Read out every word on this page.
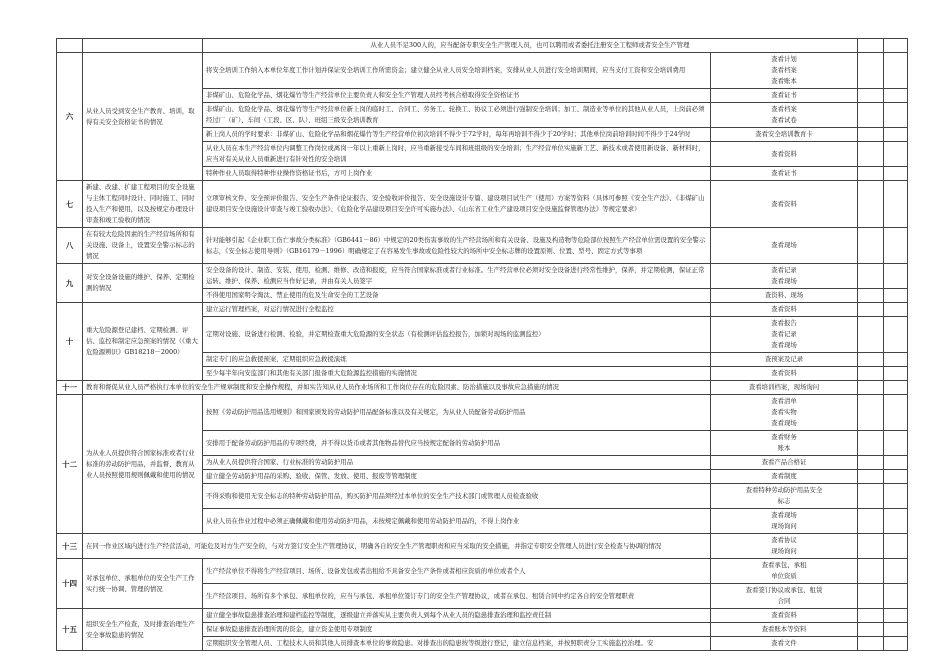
		从业人员不足300人的，应当配备专职安全生产管理人员，也可以聘用或者委托注册安全工程师或者安全生产管理			
六	从业人员受到安全生产教育、培训，取得有关安全资格证书的情况	将安全培训工作纳入本单位年度工作计划并保证安全培训工作所需资金；建立健全从业人员安全培训档案，安排从业人员进行安全培训期间，应当支付工资和安全培训费用	查看计划
查看档案
查看账本		
		非煤矿山、危险化学品、烟花爆竹等生产经营单位主要负责人和安全生产管理人员经考核合格取得安全资格证书	查看证书		
		非煤矿山、危险化学品、烟花爆竹等生产经营单位新上岗的临时工、合同工、劳务工、轮换工、协议工必须进行强制安全培训；加工、制造业等单位的其他从业人员，上岗前必须经过厂（矿）、车间（工段、区、队）、班组三级安全培训教育	查看档案
查看试卷		
		新上岗人员的学时要求：非煤矿山、危险化学品和烟花爆竹等生产经营单位初次培训不得少于72学时，每年再培训不得少于20学时；其他单位岗前培训时间不得少于24学时	查看安全培训教育卡		
		从业人员在本生产经营单位内调整工作岗位或离岗一年以上重新上岗时，应当重新接受车间和班组级的安全培训；生产经营单位实施新工艺、新技术或者使用新设备、新材料时，应当对有关从业人员重新进行有针对性的安全培训	查看资料		
		特种作业人员取得特种作业操作资格证书后，方可上岗作业	查看证书		
七	新建、改建、扩建工程项目的安全设施与主体工程同时设计、同时施工、同时投入生产和使用，以及按规定办理设计审查和竣工验收的情况	立项审核文件、安全预评价报告、安全生产条件论证报告、安全验收评价报告、安全设施设计专篇、建设项目试生产（使用）方案等资料（具体可参照《安全生产法》、《非煤矿山建设项目安全设施设计审查与竣工验收办法》、《危险化学品建设项目安全许可实施办法》、《山东省工业生产建设项目安全设施监督管理办法》等规定要求）	查看资料		
八	在有较大危险因素的生产经营场所和有关设施、设备上，设置安全警示标志的情况	针对能够引起《企业职工伤亡事故分类标准》（GB6441－86）中规定的20类伤害事故的生产经营场所和有关设备、设施及构造物等危险部位按照生产经营单位需设置的安全警示标志，《安全标志使用导则》（GB16179－1996）明确规定了在容易发生事故或危险性较大的场所中安全标志牌的设置原则、位置、型号、固定方式等事项	查看现场		
九	对安全设备设施的维护、保养、定期检测的情况	安全设备的设计、制造、安装、使用、检测、维修、改造和报废，应当符合国家标准或者行业标准。生产经营单位必须对安全设备进行经常性维护，保养，并定期检测，保证正常运转。维护、保养、检测应当作好记录，并由有关人员签字	查看记录
查看现场		
		不得使用国家明令淘汰、禁止使用的危及生命安全的工艺设备	查资料、现场		
十	重大危险源登记建档、定期检测、评估、监控和制定应急预案的情况（《重大危险源辨识》GB18218－2000）	建立运行管理档案，对运行情况进行全程监控	查看资料		
		定期对设施、设备进行检测、检验，并定期检查重大危险源的安全状态（有检测评估监控报告，加锁对现场的监测监控）	查看报告
查看记录
查看现场		
		制定专门的应急救援预案，定期组织应急救援演练	查预案及记录		
		至少每半年向安监部门和其他有关部门报备重大危险源监控措施的实施情况	查看资料		
十一	教育和督促从业人员严格执行本单位的安全生产规章制度和安全操作规程，并如实告知从业人员作业场所和工作岗位存在的危险因素、防治措施以及事故应急措施的情况		查看培训档案，现场询问		
十二	为从业人员提供符合国家标准或者行业标准的劳动防护用品，并监督、教育从业人员按照使用规则佩戴和使用的情况	按照《劳动防护用品选用规则》和国家颁发的劳动防护用品配备标准以及有关规定，为从业人员配备劳动防护用品	查看清单
查看实物
查看现场		
		安排用于配备劳动防护用品的专项经费，并不得以货币或者其他物品替代应当按规定配备的劳动防护用品	查看财务
账本		
		为从业人员提供符合国家、行业标准的劳动防护用品	查看产品合格证		
		建立健全劳动防护用品的采购、验收、保管、发放、使用、报废等管理制度	查看制度		
		不得采购和使用无安全标志的特种劳动防护用品，购买防护用品须经过本单位的安全生产技术部门或管理人员检查验收	查看特种劳动防护用品安全
标志		
		从业人员在作业过程中必须正确佩戴和使用劳动防护用品，未按规定佩戴和使用劳动防护用品的，不得上岗作业	查看现场
现场询问		
十三	在同一作业区域内进行生产经营活动，可能危及对方生产安全的，与对方签订安全生产管理协议，明确各自的安全生产管理职责和应当采取的安全措施，并指定专职安全管理人员进行安全检查与协调的情况		查看协议
现场询问		
十四	对承包单位、承租单位的安全生产工作实行统一协调、管理的情况	生产经营单位不得将生产经营项目、场所、设备发包或者出租给不具备安全生产条件或者相应资质的单位或者个人	查看承包、承租
单位资质		
		生产经营项目、场所有多个承包、承租单位的，应当与承包、承租单位签订专门的安全生产管理协议，或者在承包、租赁合同中约定各自的安全管理职责	查看签订协议或承包、租赁
合同		
十五	组织安全生产检查，及时排查治理生产安全事故隐患的情况	建立健全事故隐患排查治理和建档监控等制度，逐级建立并落实从主要负责人到每个从业人员的隐患排查治理和监控责任制	查看资料		
		保证事故隐患排查治理所需的资金，建立资金使用专项制度	查看账本等资料		
		定期组织安全管理人员、工程技术人员和其他人员排查本单位的事故隐患。对排查出的隐患按等级进行登记，建立信息档案，并按照职责分工实施监控治理。安	查看文件		
